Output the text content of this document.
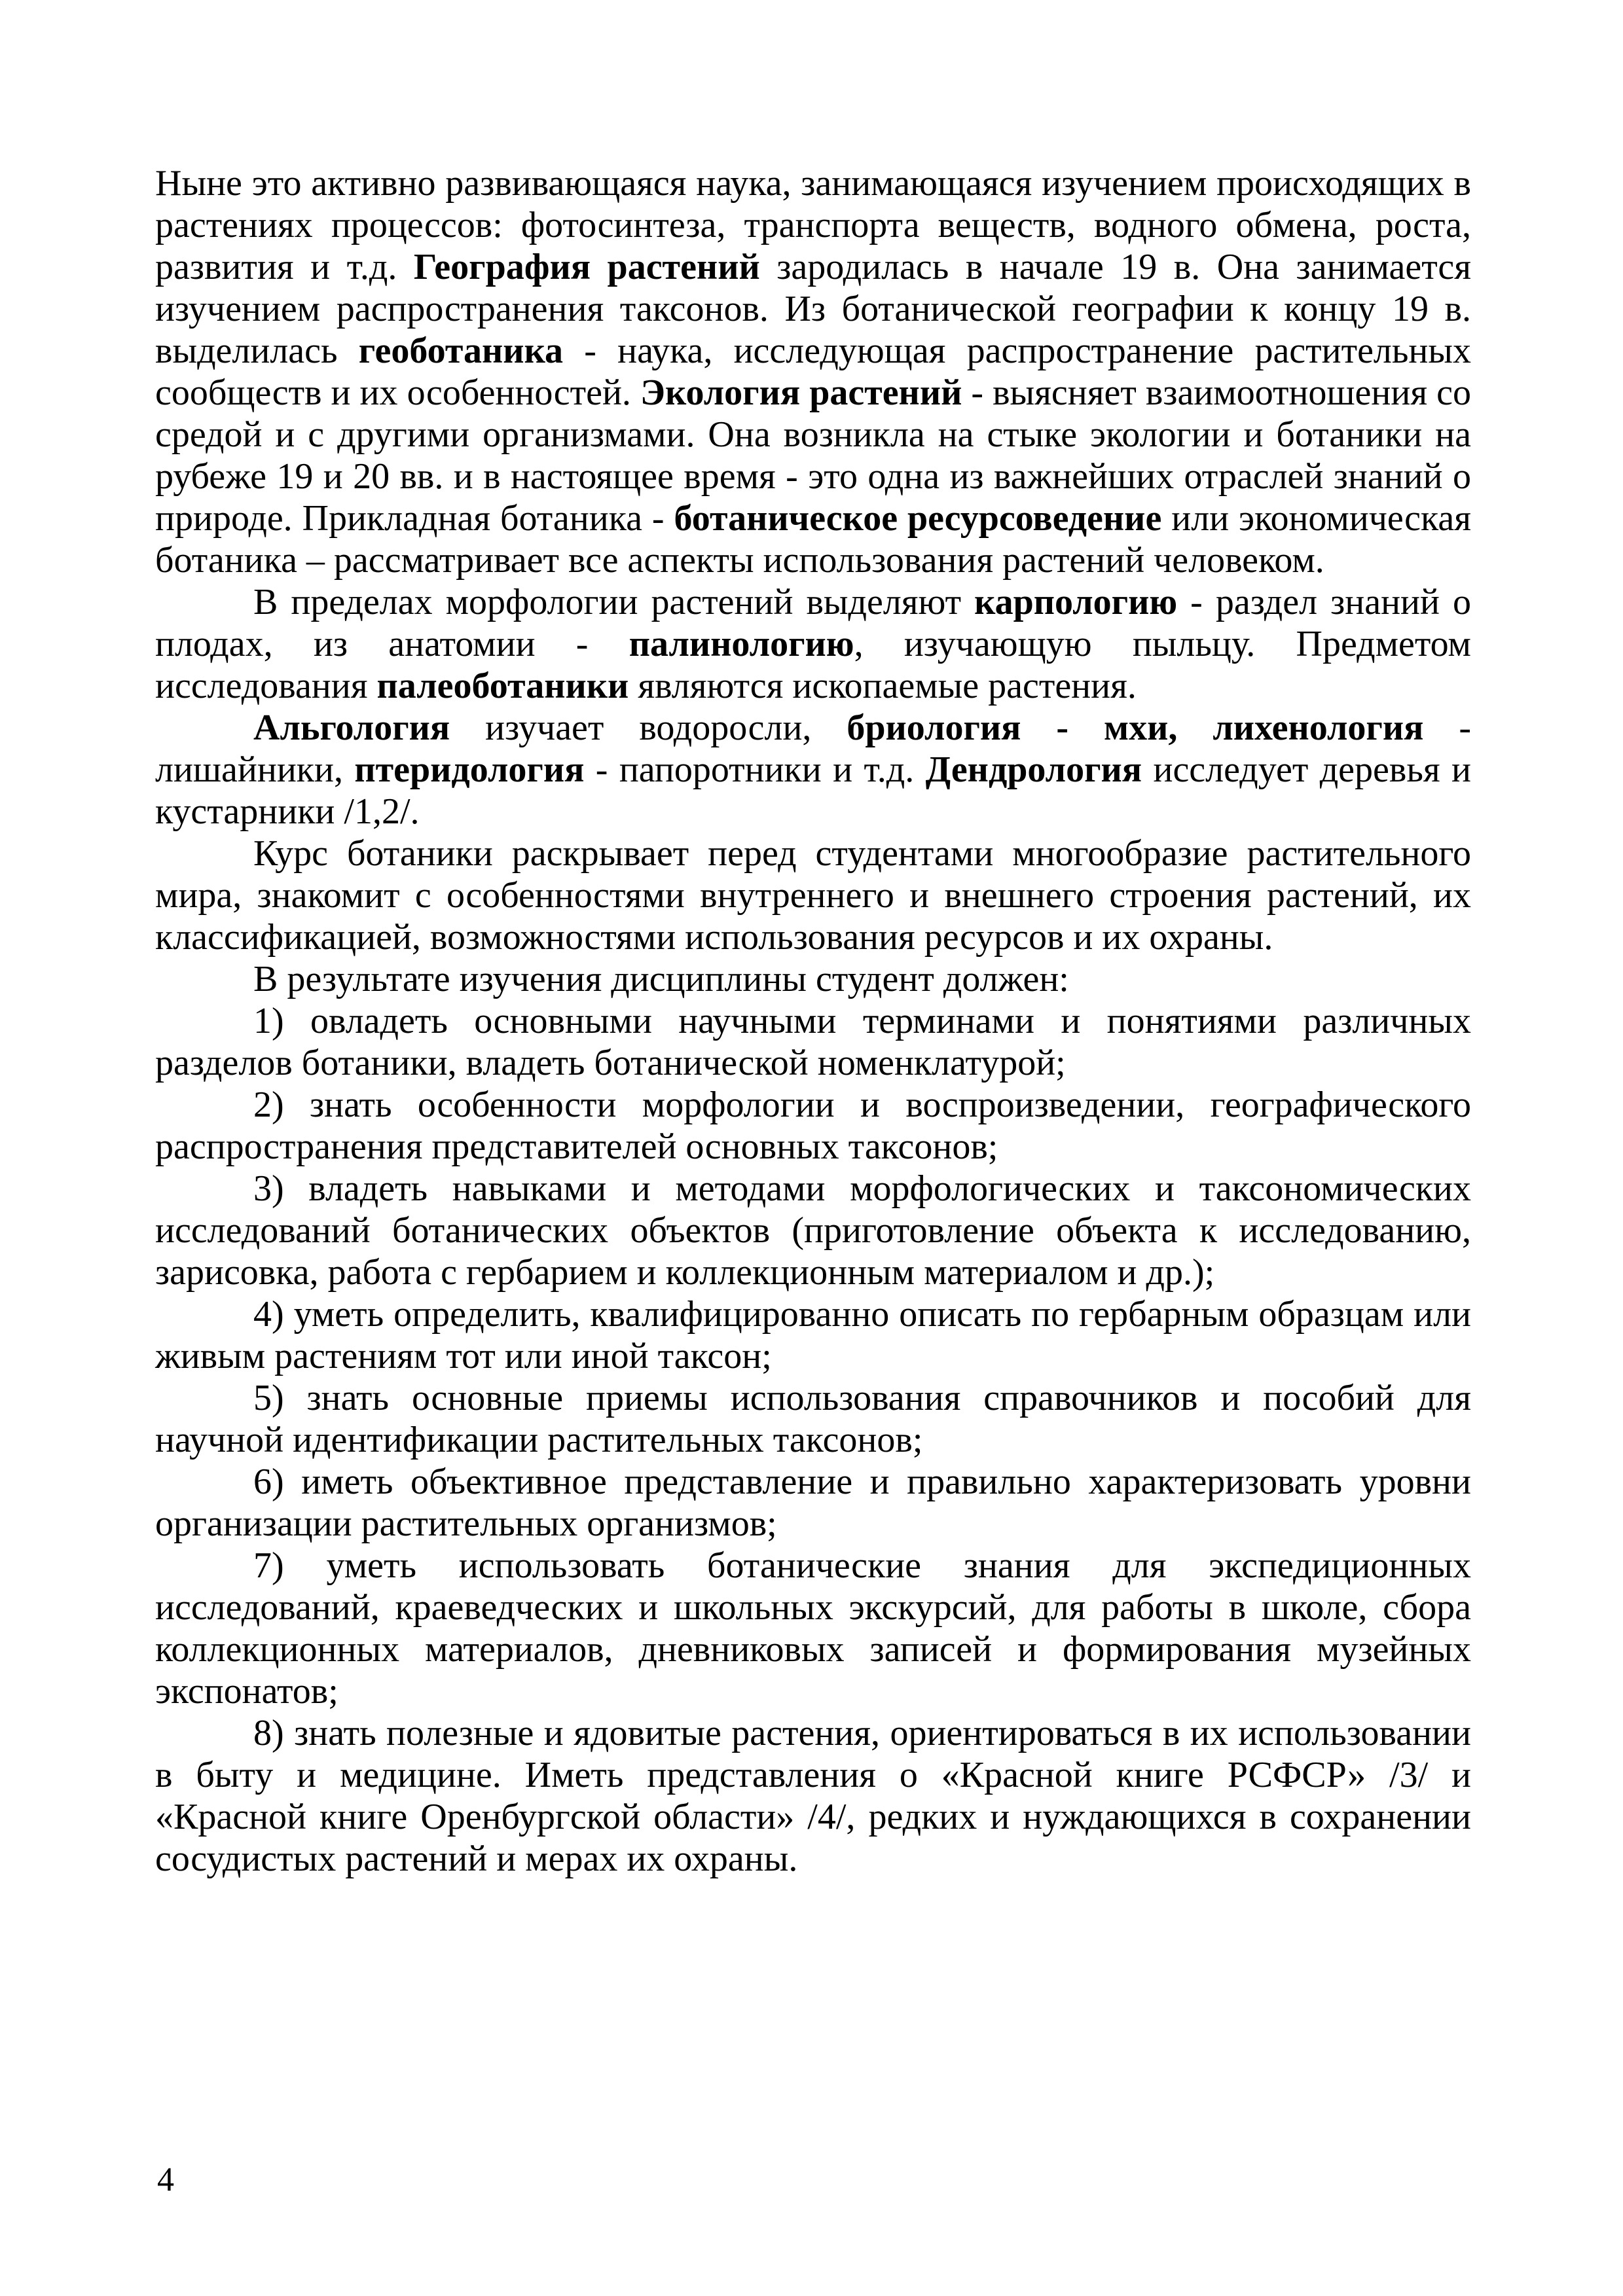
Ныне это активно развивающаяся наука, занимающаяся изучением происходящих в растениях процессов: фотосинтеза, транспорта веществ, водного обмена, роста, развития и т.д. География растений зародилась в начале 19 в. Она занимается изучением распространения таксонов. Из ботанической географии к концу 19 в. выделилась геоботаника - наука, исследующая распространение растительных сообществ и их особенностей. Экология растений - выясняет взаимоотношения со средой и с другими организмами. Она возникла на стыке экологии и ботаники на рубеже 19 и 20 вв. и в настоящее время - это одна из важнейших отраслей знаний о природе. Прикладная ботаника - ботаническое ресурсоведение или экономическая ботаника – рассматривает все аспекты использования растений человеком.

В пределах морфологии растений выделяют карпологию - раздел знаний о плодах, из анатомии - палинологию, изучающую пыльцу. Предметом исследования палеоботаники являются ископаемые растения.

Альгология изучает водоросли, бриология - мхи, лихенология - лишайники, птеридология - папоротники и т.д. Дендрология исследует деревья и кустарники /1,2/.

Курс ботаники раскрывает перед студентами многообразие растительного мира, знакомит с особенностями внутреннего и внешнего строения растений, их классификацией, возможностями использования ресурсов и их охраны.

В результате изучения дисциплины студент должен:

1) овладеть основными научными терминами и понятиями различных разделов ботаники, владеть ботанической номенклатурой;

2) знать особенности морфологии и воспроизведении, географического распространения представителей основных таксонов;

3) владеть навыками и методами морфологических и таксономических исследований ботанических объектов (приготовление объекта к исследованию, зарисовка, работа с гербарием и коллекционным материалом и др.);

4) уметь определить, квалифицированно описать по гербарным образцам или живым растениям тот или иной таксон;

5) знать основные приемы использования справочников и пособий для научной идентификации растительных таксонов;

6) иметь объективное представление и правильно характеризовать уровни организации растительных организмов;

7) уметь использовать ботанические знания для экспедиционных исследований, краеведческих и школьных экскурсий, для работы в школе, сбора коллекционных материалов, дневниковых записей и формирования музейных экспонатов;

8) знать полезные и ядовитые растения, ориентироваться в их использовании в быту и медицине. Иметь представления о «Красной книге РСФСР» /3/ и «Красной книге Оренбургской области» /4/, редких и нуждающихся в сохранении сосудистых растений и мерах их охраны.

4
